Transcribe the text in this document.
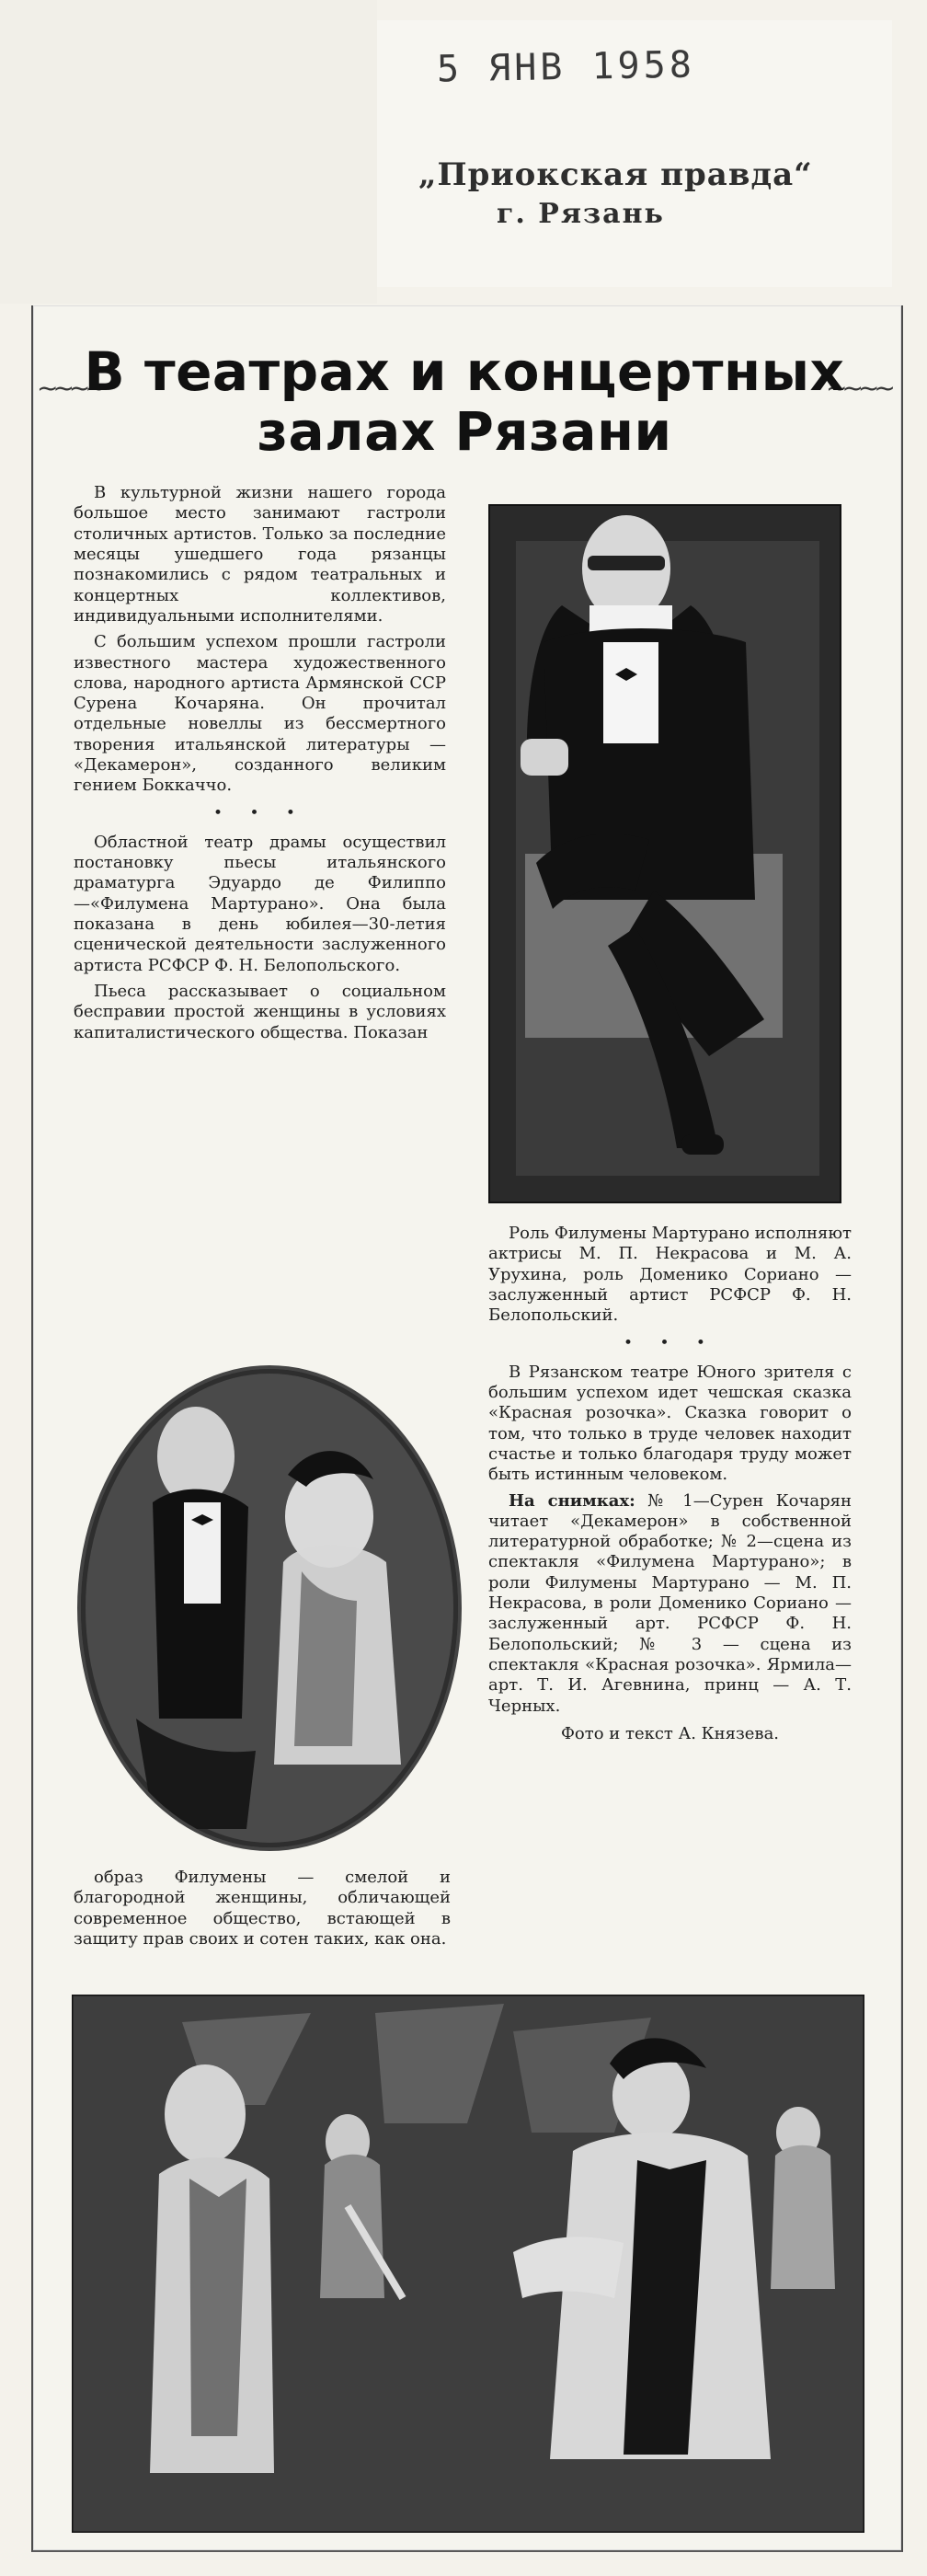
5 ЯНВ 1958
„Приокская правда“
г. Рязань
~~~~	~~~~
В театрах и концертных
залах Рязани

В культурной жизни нашего города большое место занимают гастроли столичных артистов. Только за последние месяцы ушедшего года рязанцы познакомились с рядом театральных и концертных коллективов, индивидуальными исполнителями.

С большим успехом прошли гастроли известного мастера художественного слова, народного артиста Армянской ССР Сурена Кочаряна. Он прочитал отдельные новеллы из бессмертного творения итальянской литературы — «Декамерон», созданного великим гением Боккаччо.

• • •

Областной театр драмы осуществил постановку пьесы итальянского драматурга Эдуардо де Филиппо—«Филумена Мартурано». Она была показана в день юбилея—30-летия сценической деятельности заслуженного артиста РСФСР Ф. Н. Белопольского.

Пьеса рассказывает о социальном бесправии простой женщины в условиях капиталистического общества. Показан

Роль Филумены Мартурано исполняют актрисы М. П. Некрасова и М. А. Урухина, роль Доменико Сориано — заслуженный артист РСФСР Ф. Н. Белопольский.

• • •

В Рязанском театре Юного зрителя с большим успехом идет чешская сказка «Красная розочка». Сказка говорит о том, что только в труде человек находит счастье и только благодаря труду может быть истинным человеком.

На снимках: № 1—Сурен Кочарян читает «Декамерон» в собственной литературной обработке; № 2—сцена из спектакля «Филумена Мартурано»; в роли Филумены Мартурано — М. П. Некрасова, в роли Доменико Сориано — заслуженный арт. РСФСР Ф. Н. Белопольский; № 3 — сцена из спектакля «Красная розочка». Ярмила—арт. Т. И. Агевнина, принц — А. Т. Черных.

Фото и текст А. Князева.

образ Филумены — смелой и благородной женщины, обличающей современное общество, встающей в защиту прав своих и сотен таких, как она.
